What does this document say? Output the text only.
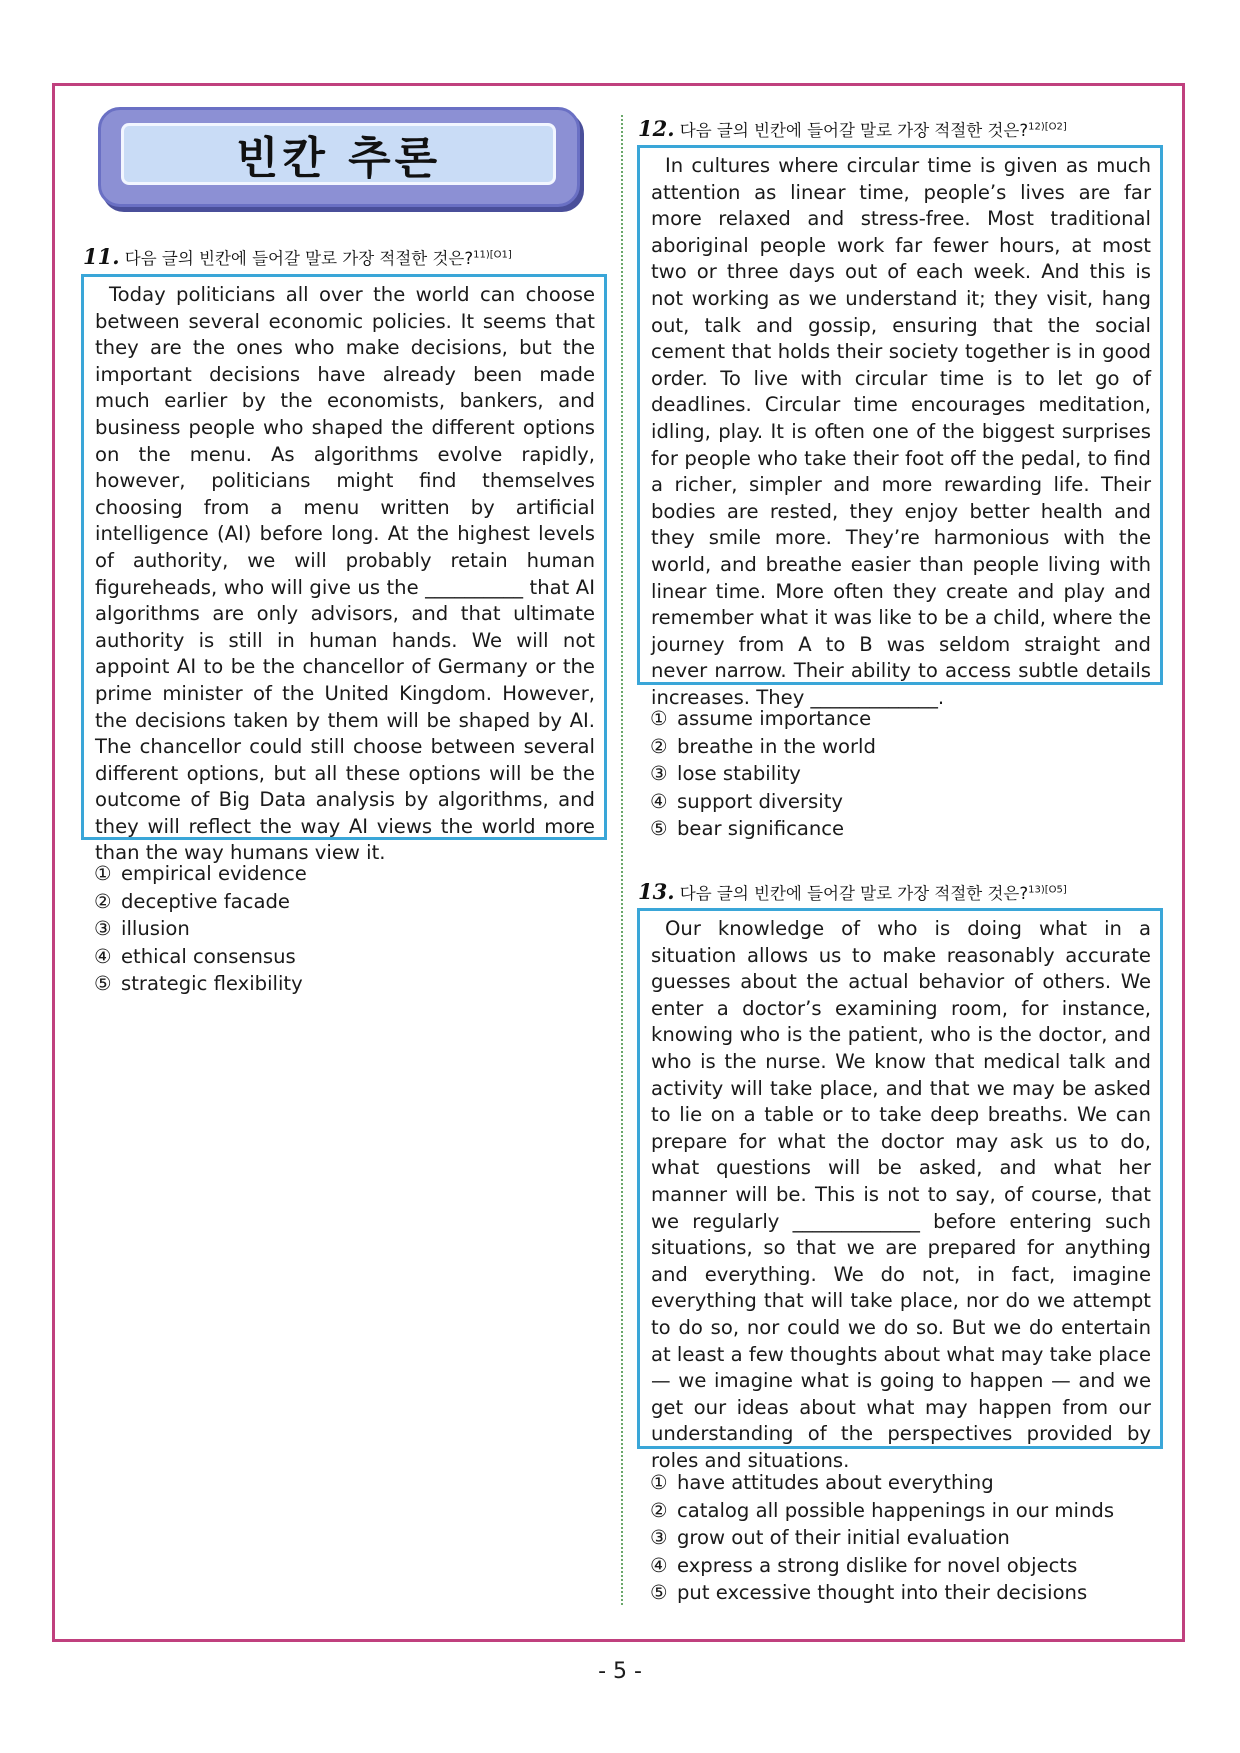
빈칸 추론
11. 다음 글의 빈칸에 들어갈 말로 가장 적절한 것은?$^{11)[O1]}$

Today politicians all over the world can choose between several economic policies. It seems that they are the ones who make decisions, but the important decisions have already been made much earlier by the economists, bankers, and business people who shaped the different options on the menu. As algorithms evolve rapidly, however, politicians might find themselves choosing from a menu written by artificial intelligence (AI) before long. At the highest levels of authority, we will probably retain human figureheads, who will give us the __________ that AI algorithms are only advisors, and that ultimate authority is still in human hands. We will not appoint AI to be the chancellor of Germany or the prime minister of the United Kingdom. However, the decisions taken by them will be shaped by AI. The chancellor could still choose between several different options, but all these options will be the outcome of Big Data analysis by algorithms, and they will reflect the way AI views the world more than the way humans view it.

① empirical evidence
② deceptive facade
③ illusion
④ ethical consensus
⑤ strategic flexibility
12. 다음 글의 빈칸에 들어갈 말로 가장 적절한 것은?$^{12)[O2]}$

In cultures where circular time is given as much attention as linear time, people’s lives are far more relaxed and stress-free. Most traditional aboriginal people work far fewer hours, at most two or three days out of each week. And this is not working as we understand it; they visit, hang out, talk and gossip, ensuring that the social cement that holds their society together is in good order. To live with circular time is to let go of deadlines. Circular time encourages meditation, idling, play. It is often one of the biggest surprises for people who take their foot off the pedal, to find a richer, simpler and more rewarding life. Their bodies are rested, they enjoy better health and they smile more. They’re harmonious with the world, and breathe easier than people living with linear time. More often they create and play and remember what it was like to be a child, where the journey from A to B was seldom straight and never narrow. Their ability to access subtle details increases. They _____________.

① assume importance
② breathe in the world
③ lose stability
④ support diversity
⑤ bear significance
13. 다음 글의 빈칸에 들어갈 말로 가장 적절한 것은?$^{13)[O5]}$

Our knowledge of who is doing what in a situation allows us to make reasonably accurate guesses about the actual behavior of others. We enter a doctor’s examining room, for instance, knowing who is the patient, who is the doctor, and who is the nurse. We know that medical talk and activity will take place, and that we may be asked to lie on a table or to take deep breaths. We can prepare for what the doctor may ask us to do, what questions will be asked, and what her manner will be. This is not to say, of course, that we regularly _____________ before entering such situations, so that we are prepared for anything and everything. We do not, in fact, imagine everything that will take place, nor do we attempt to do so, nor could we do so. But we do entertain at least a few thoughts about what may take place — we imagine what is going to happen — and we get our ideas about what may happen from our understanding of the perspectives provided by roles and situations.

① have attitudes about everything
② catalog all possible happenings in our minds
③ grow out of their initial evaluation
④ express a strong dislike for novel objects
⑤ put excessive thought into their decisions
- 5 -
